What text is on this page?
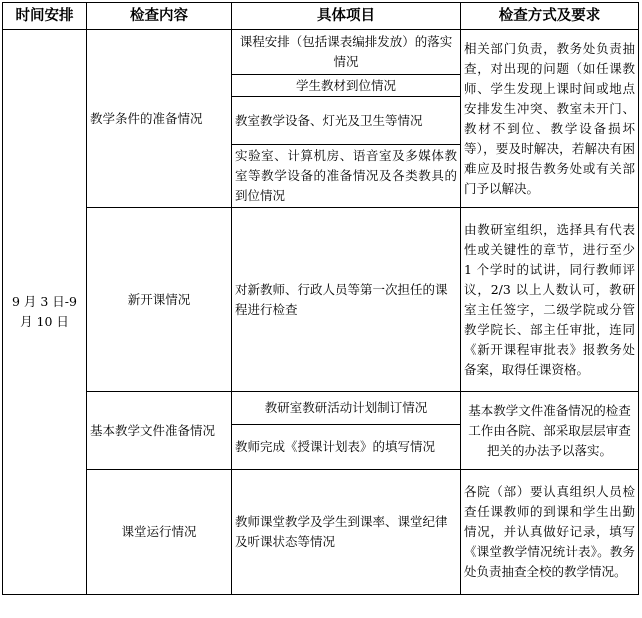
时间安排	检查内容	具体项目	检查方式及要求
9 月 3 日-9 月 10 日	教学条件的准备情况	课程安排（包括课表编排发放）的落实情况	相关部门负责，教务处负责抽查，对出现的问题（如任课教师、学生发现上课时间或地点安排发生冲突、教室未开门、教材不到位、教学设备损坏等），要及时解决，若解决有困难应及时报告教务处或有关部门予以解决。
		学生教材到位情况	
		教室教学设备、灯光及卫生等情况	
		实验室、计算机房、语音室及多媒体教室等教学设备的准备情况及各类教具的到位情况	
	新开课情况	对新教师、行政人员等第一次担任的课程进行检查	由教研室组织，选择具有代表性或关键性的章节，进行至少 1 个学时的试讲，同行教师评议，2/3 以上人数认可，教研室主任签字，二级学院或分管教学院长、部主任审批，连同《新开课程审批表》报教务处备案，取得任课资格。
	基本教学文件准备情况	教研室教研活动计划制订情况	基本教学文件准备情况的检查工作由各院、部采取层层审查把关的办法予以落实。
		教师完成《授课计划表》的填写情况	
	课堂运行情况	教师课堂教学及学生到课率、课堂纪律及听课状态等情况	各院（部）要认真组织人员检查任课教师的到课和学生出勤情况，并认真做好记录，填写《课堂教学情况统计表》。教务处负责抽查全校的教学情况。
